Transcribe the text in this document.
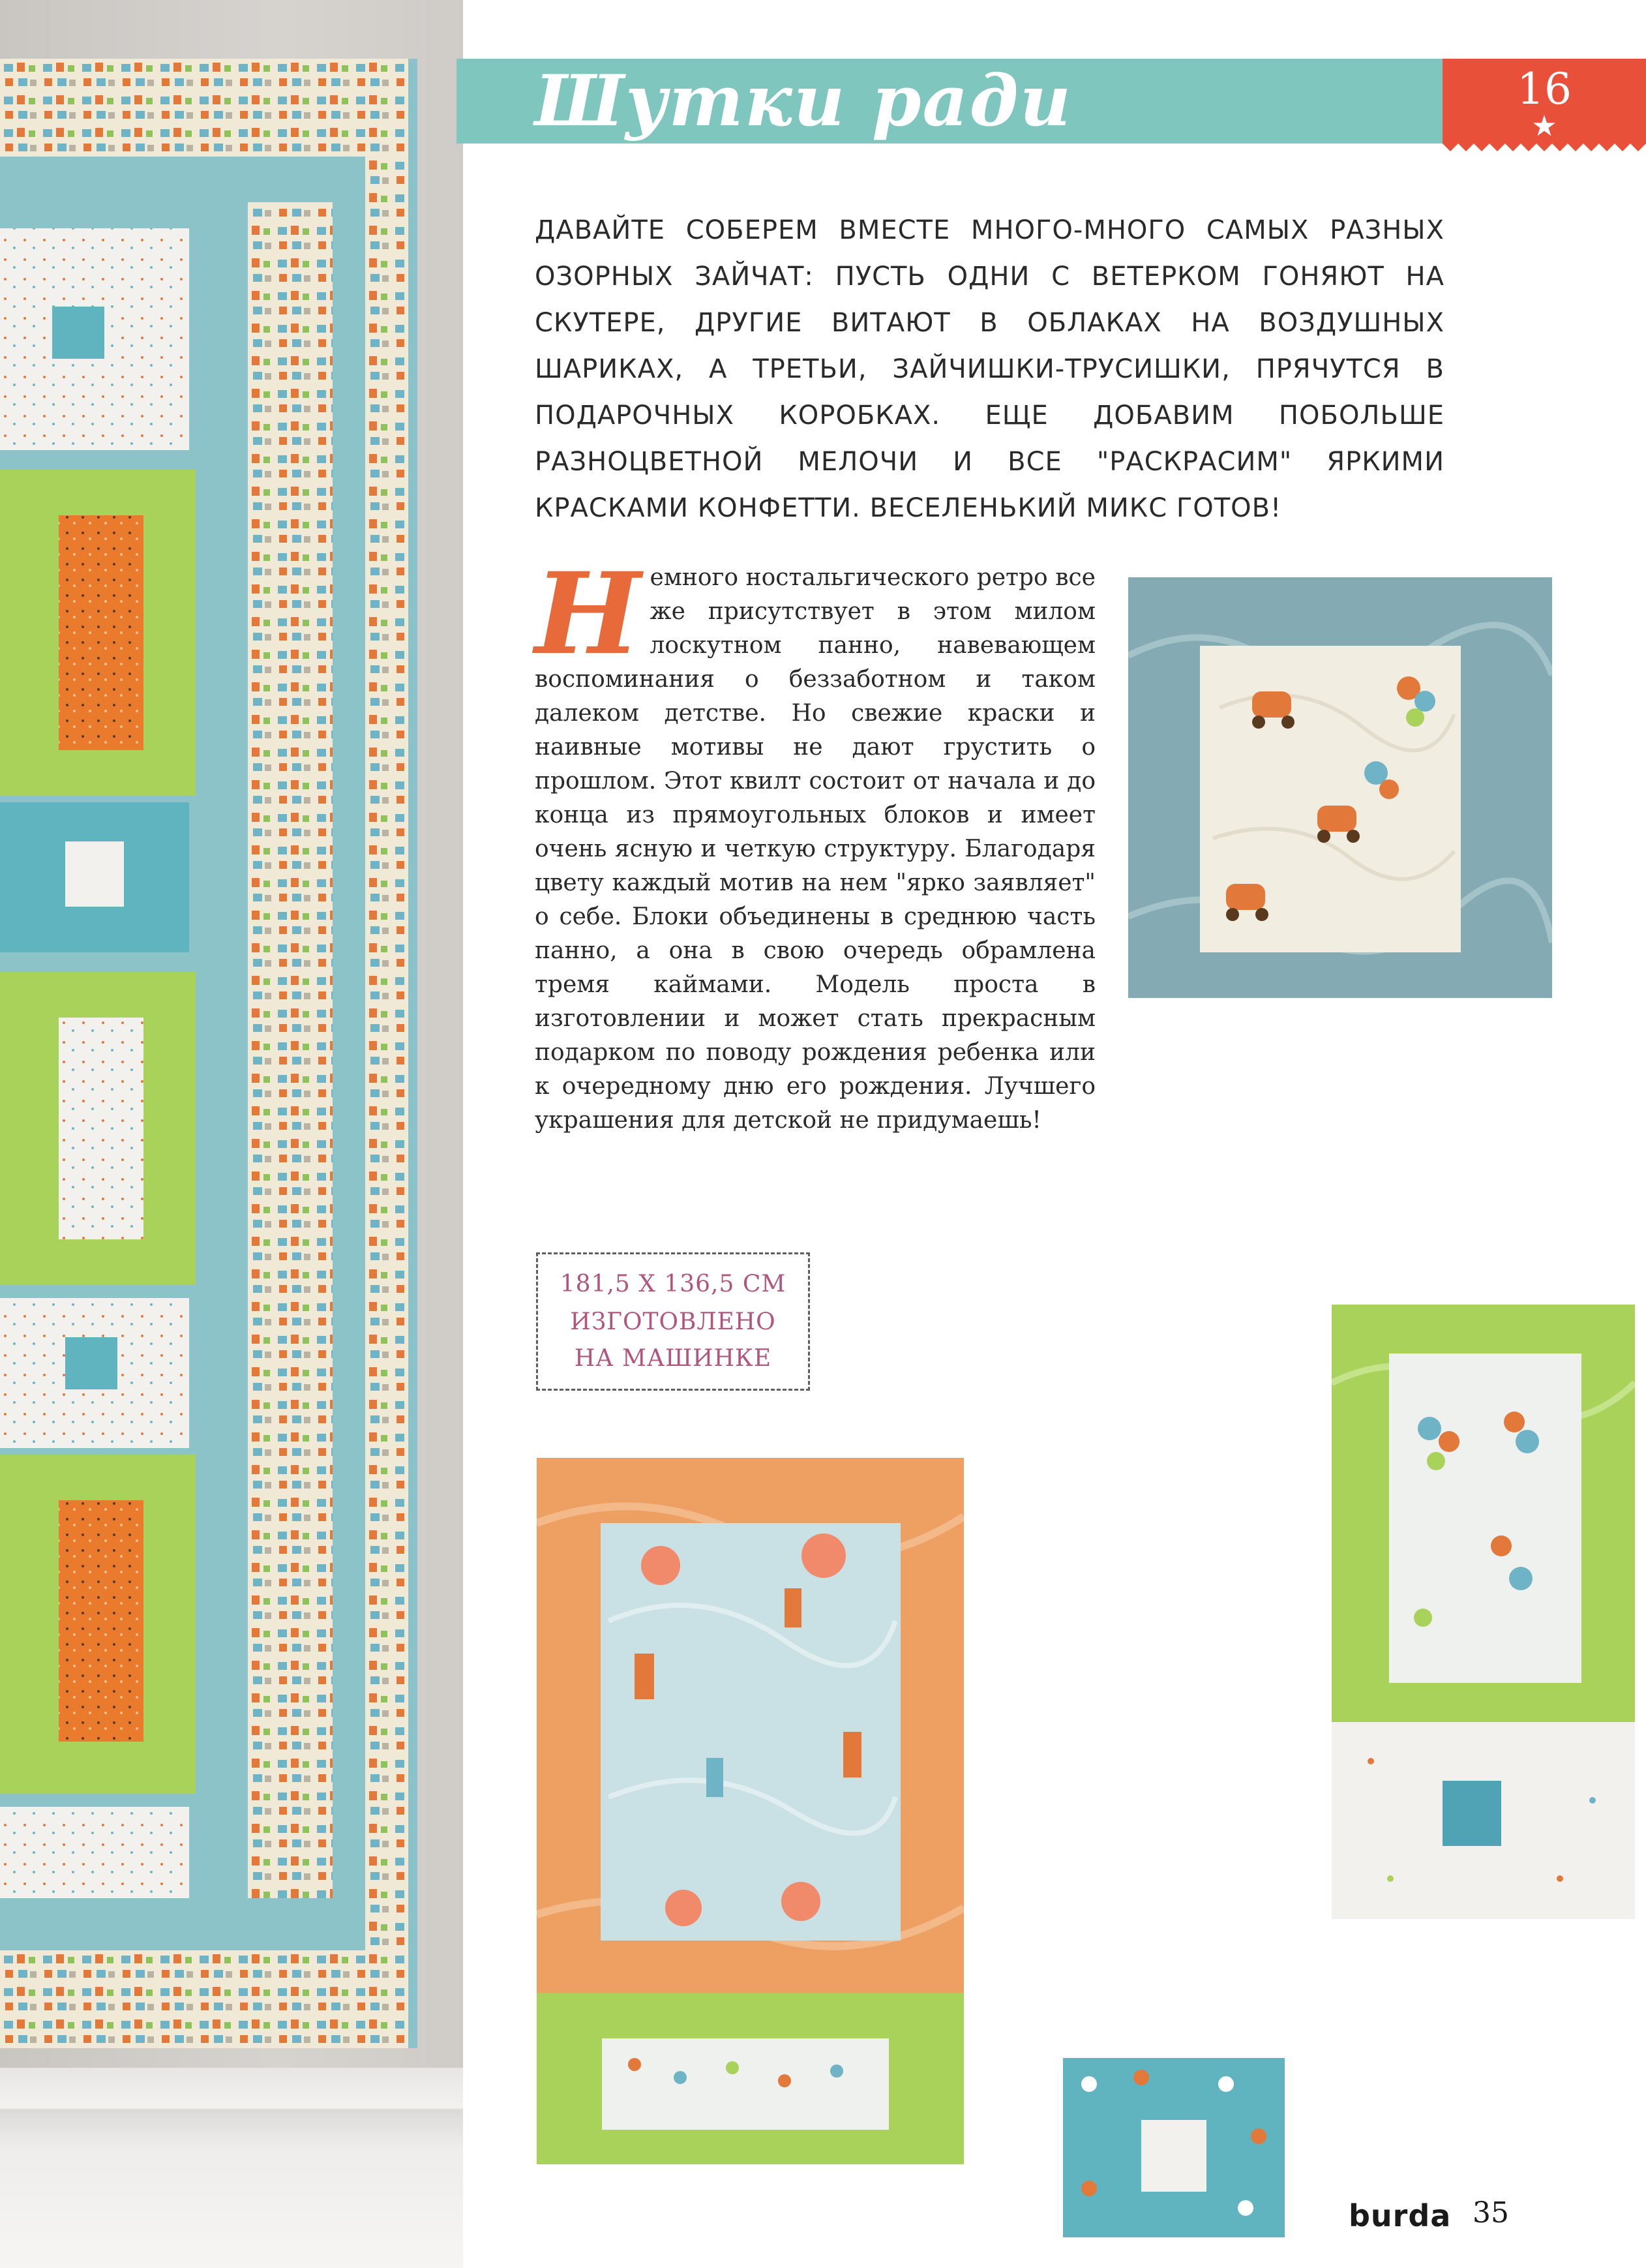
Шутки ради	16
★

ДАВАЙТЕ СОБЕРЕМ ВМЕСТЕ МНОГО-МНОГО САМЫХ РАЗНЫХ ОЗОРНЫХ ЗАЙЧАТ: ПУСТЬ ОДНИ С ВЕТЕРКОМ ГОНЯЮТ НА СКУТЕРЕ, ДРУГИЕ ВИТАЮТ В ОБЛАКАХ НА ВОЗДУШНЫХ ШАРИКАХ, А ТРЕТЬИ, ЗАЙЧИШКИ-ТРУСИШКИ, ПРЯЧУТСЯ В ПОДАРОЧНЫХ КОРОБКАХ. ЕЩЕ ДОБАВИМ ПОБОЛЬШЕ РАЗНОЦВЕТНОЙ МЕЛОЧИ И ВСЕ "РАСКРАСИМ" ЯРКИМИ КРАСКАМИ КОНФЕТТИ. ВЕСЕЛЕНЬКИЙ МИКС ГОТОВ!

Н емного ностальгического ретро все же присутствует в этом милом лоскутном панно, навевающем воспоминания о беззаботном и таком далеком детстве. Но свежие краски и наивные мотивы не дают грустить о прошлом. Этот квилт состоит от начала и до конца из прямоугольных блоков и имеет очень ясную и четкую структуру. Благодаря цвету каждый мотив на нем "ярко заявляет" о себе. Блоки объединены в среднюю часть панно, а она в свою очередь обрамлена тремя каймами. Модель проста в изготовлении и может стать прекрасным подарком по поводу рождения ребенка или к очередному дню его рождения. Лучшего украшения для детской не придумаешь!

181,5 X 136,5 СМ
ИЗГОТОВЛЕНО
НА МАШИНКЕ
burda 35
